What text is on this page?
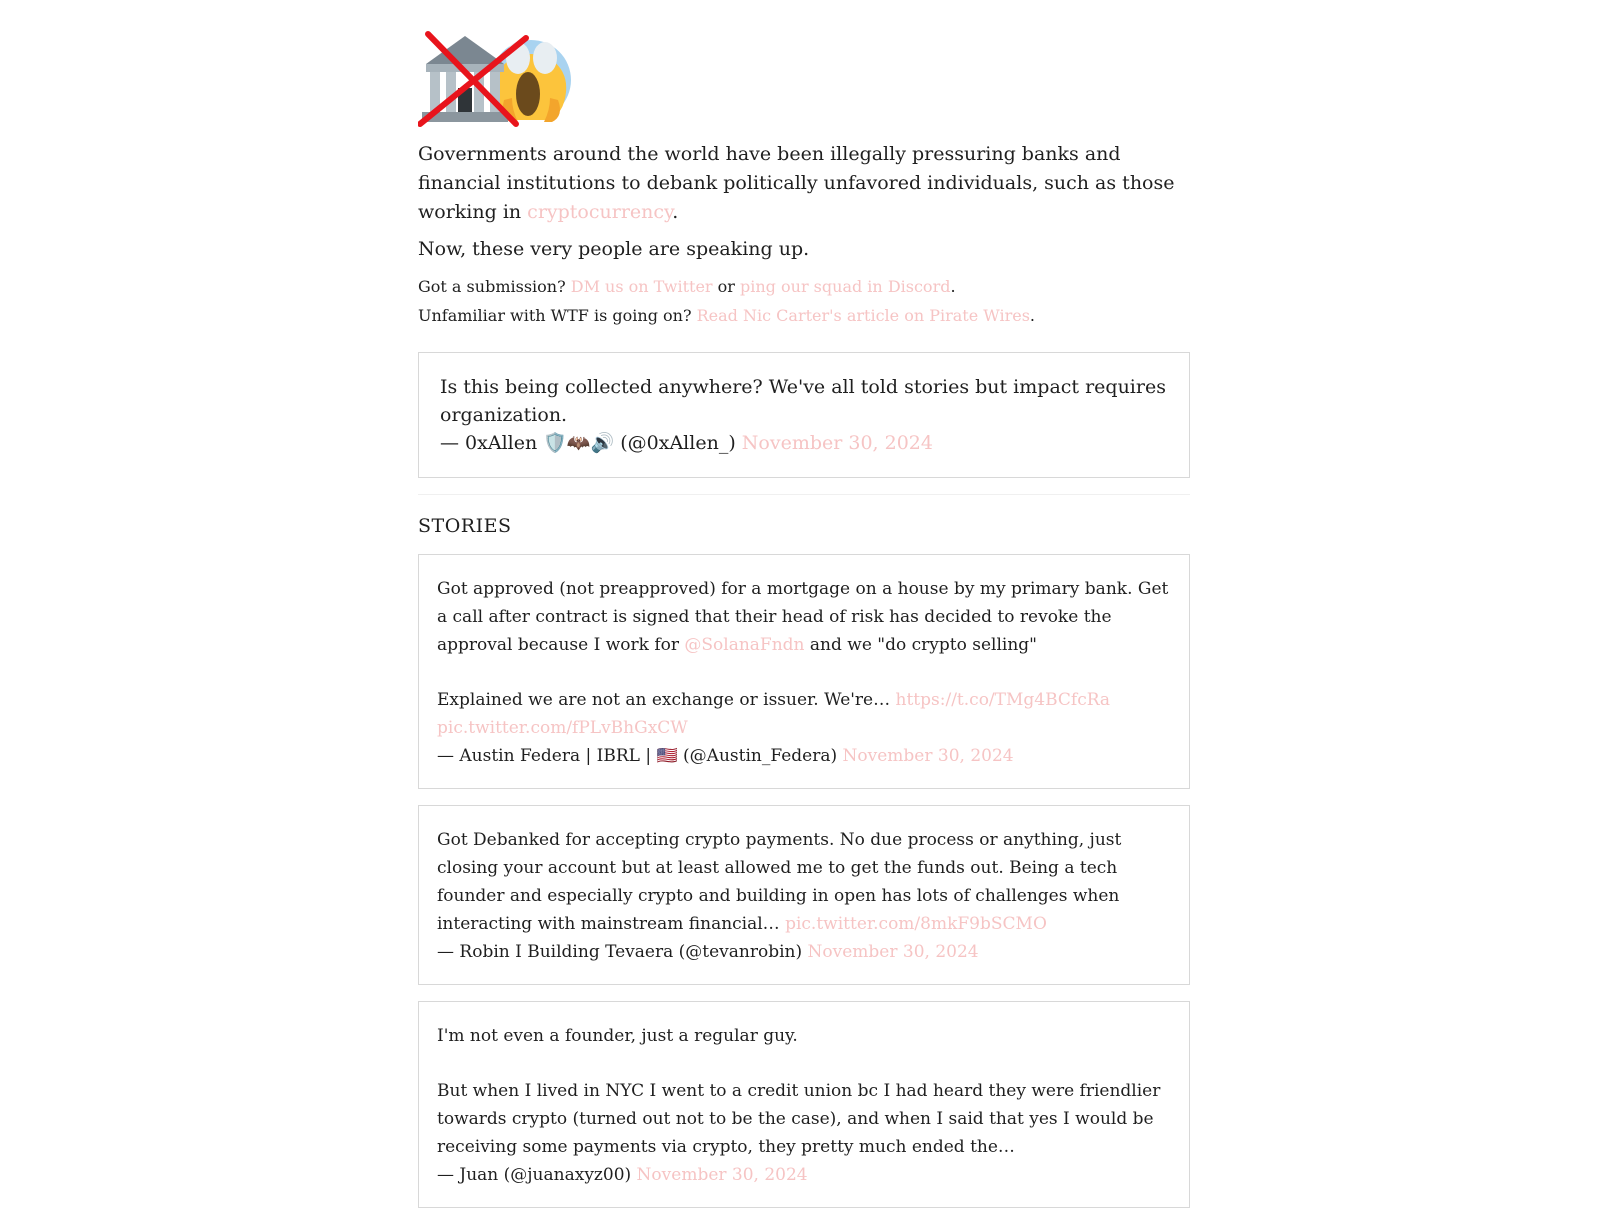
Governments around the world have been illegally pressuring banks and financial institutions to debank politically unfavored individuals, such as those working in cryptocurrency.

Now, these very people are speaking up.

Got a submission? DM us on Twitter or ping our squad in Discord.

Unfamiliar with WTF is going on? Read Nic Carter's article on Pirate Wires.

Is this being collected anywhere? We've all told stories but impact requires organization.
— 0xAllen 🛡️🦇🔊 (@0xAllen_) November 30, 2024
STORIES
Got approved (not preapproved) for a mortgage on a house by my primary bank. Get a call after contract is signed that their head of risk has decided to revoke the approval because I work for @SolanaFndn and we "do crypto selling"
Explained we are not an exchange or issuer. We're… https://t.co/TMg4BCfcRa
pic.twitter.com/fPLvBhGxCW
— Austin Federa | IBRL | 🇺🇸 (@Austin_Federa) November 30, 2024
Got Debanked for accepting crypto payments. No due process or anything, just closing your account but at least allowed me to get the funds out. Being a tech founder and especially crypto and building in open has lots of challenges when interacting with mainstream financial… pic.twitter.com/8mkF9bSCMO
— Robin I Building Tevaera (@tevanrobin) November 30, 2024
I'm not even a founder, just a regular guy.
But when I lived in NYC I went to a credit union bc I had heard they were friendlier towards crypto (turned out not to be the case), and when I said that yes I would be receiving some payments via crypto, they pretty much ended the…
— Juan (@juanaxyz00) November 30, 2024
